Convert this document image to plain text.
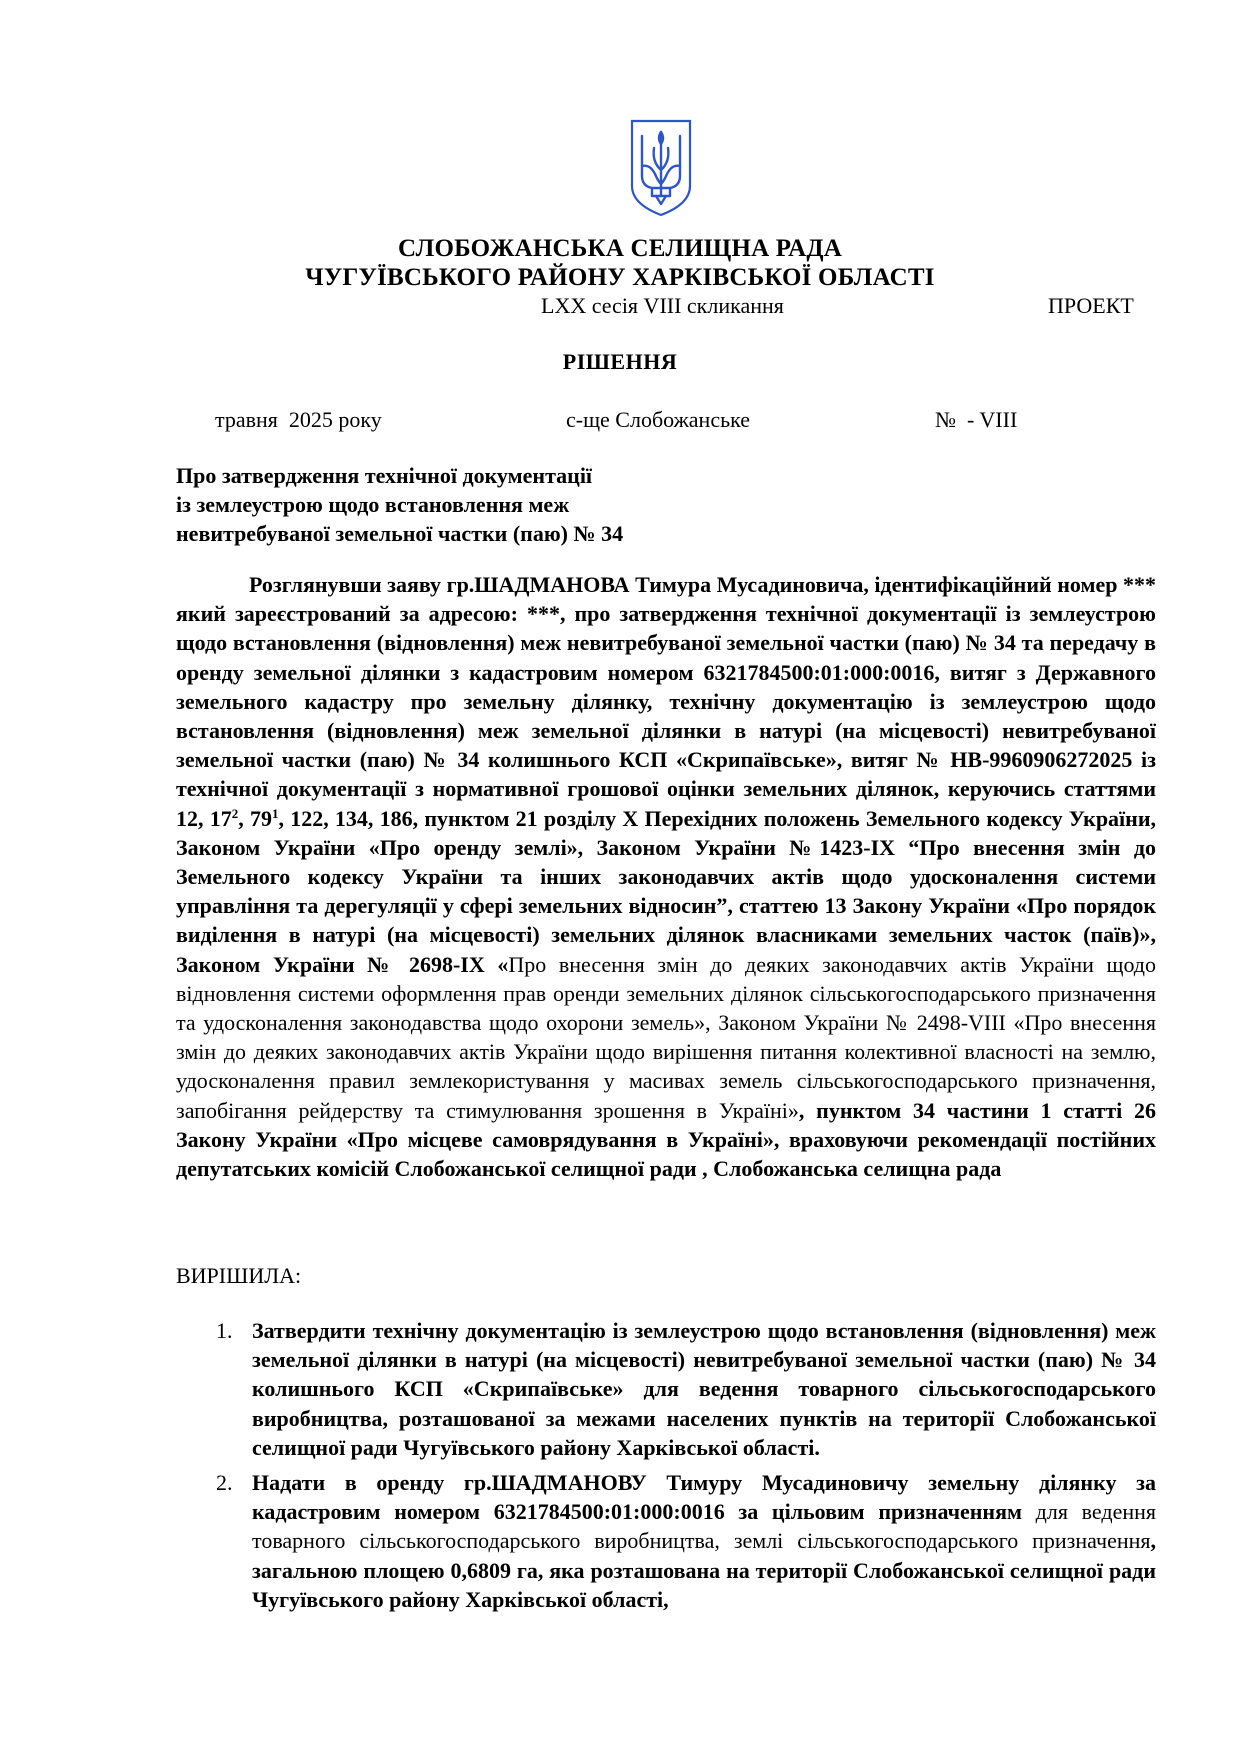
СЛОБОЖАНСЬКА СЕЛИЩНА РАДА
ЧУГУЇВСЬКОГО РАЙОНУ ХАРКІВСЬКОЇ ОБЛАСТІ
LXX сесія VIII скликання	ПРОЕКТ
РІШЕННЯ
травня  2025 року	с-ще Слобожанське	№  - VIII
Про затвердження технічної документації
із землеустрою щодо встановлення меж
невитребуваної земельної частки (паю) № 34
Розглянувши заяву гр.ШАДМАНОВА Тимура Мусадиновича, ідентифікаційний номер *** який зареєстрований за адресою: ***, про затвердження технічної документації із землеустрою щодо встановлення (відновлення) меж невитребуваної земельної частки (паю) № 34 та передачу в оренду земельної ділянки з кадастровим номером 6321784500:01:000:0016, витяг з Державного земельного кадастру про земельну ділянку, технічну документацію із землеустрою щодо встановлення (відновлення) меж земельної ділянки в натурі (на місцевості) невитребуваної земельної частки (паю) № 34 колишнього КСП «Скрипаївське», витяг № НВ-9960906272025 із технічної документації з нормативної грошової оцінки земельних ділянок, керуючись статтями 12, $17^2$, $79^1$, 122, 134, 186, пунктом 21 розділу X Перехідних положень Земельного кодексу України, Законом України «Про оренду землі», Законом України №1423-IX “Про внесення змін до Земельного кодексу України та інших законодавчих актів щодо удосконалення системи управління та дерегуляції у сфері земельних відносин”, статтею 13 Закону України «Про порядок виділення в натурі (на місцевості) земельних ділянок власниками земельних часток (паїв)», Законом України № 2698-IX «Про внесення змін до деяких законодавчих актів України щодо відновлення системи оформлення прав оренди земельних ділянок сільськогосподарського призначення та удосконалення законодавства щодо охорони земель», Законом України № 2498-VIII «Про внесення змін до деяких законодавчих актів України щодо вирішення питання колективної власності на землю, удосконалення правил землекористування у масивах земель сільськогосподарського призначення, запобігання рейдерству та стимулювання зрошення в Україні», пунктом 34 частини 1 статті 26 Закону України «Про місцеве самоврядування в Україні», враховуючи рекомендації постійних депутатських комісій Слобожанської селищної ради , Слобожанська селищна рада
ВИРІШИЛА:
1. Затвердити технічну документацію із землеустрою щодо встановлення (відновлення) меж земельної ділянки в натурі (на місцевості) невитребуваної земельної частки (паю) № 34 колишнього КСП «Скрипаївське» для ведення товарного сільськогосподарського виробництва, розташованої за межами населених пунктів на території Слобожанської селищної ради Чугуївського району Харківської області.
2. Надати в оренду гр.ШАДМАНОВУ Тимуру Мусадиновичу земельну ділянку за кадастровим номером 6321784500:01:000:0016 за цільовим призначенням для ведення товарного сільськогосподарського виробництва, землі сільськогосподарського призначення, загальною площею 0,6809 га, яка розташована на території Слобожанської селищної ради Чугуївського району Харківської області,
